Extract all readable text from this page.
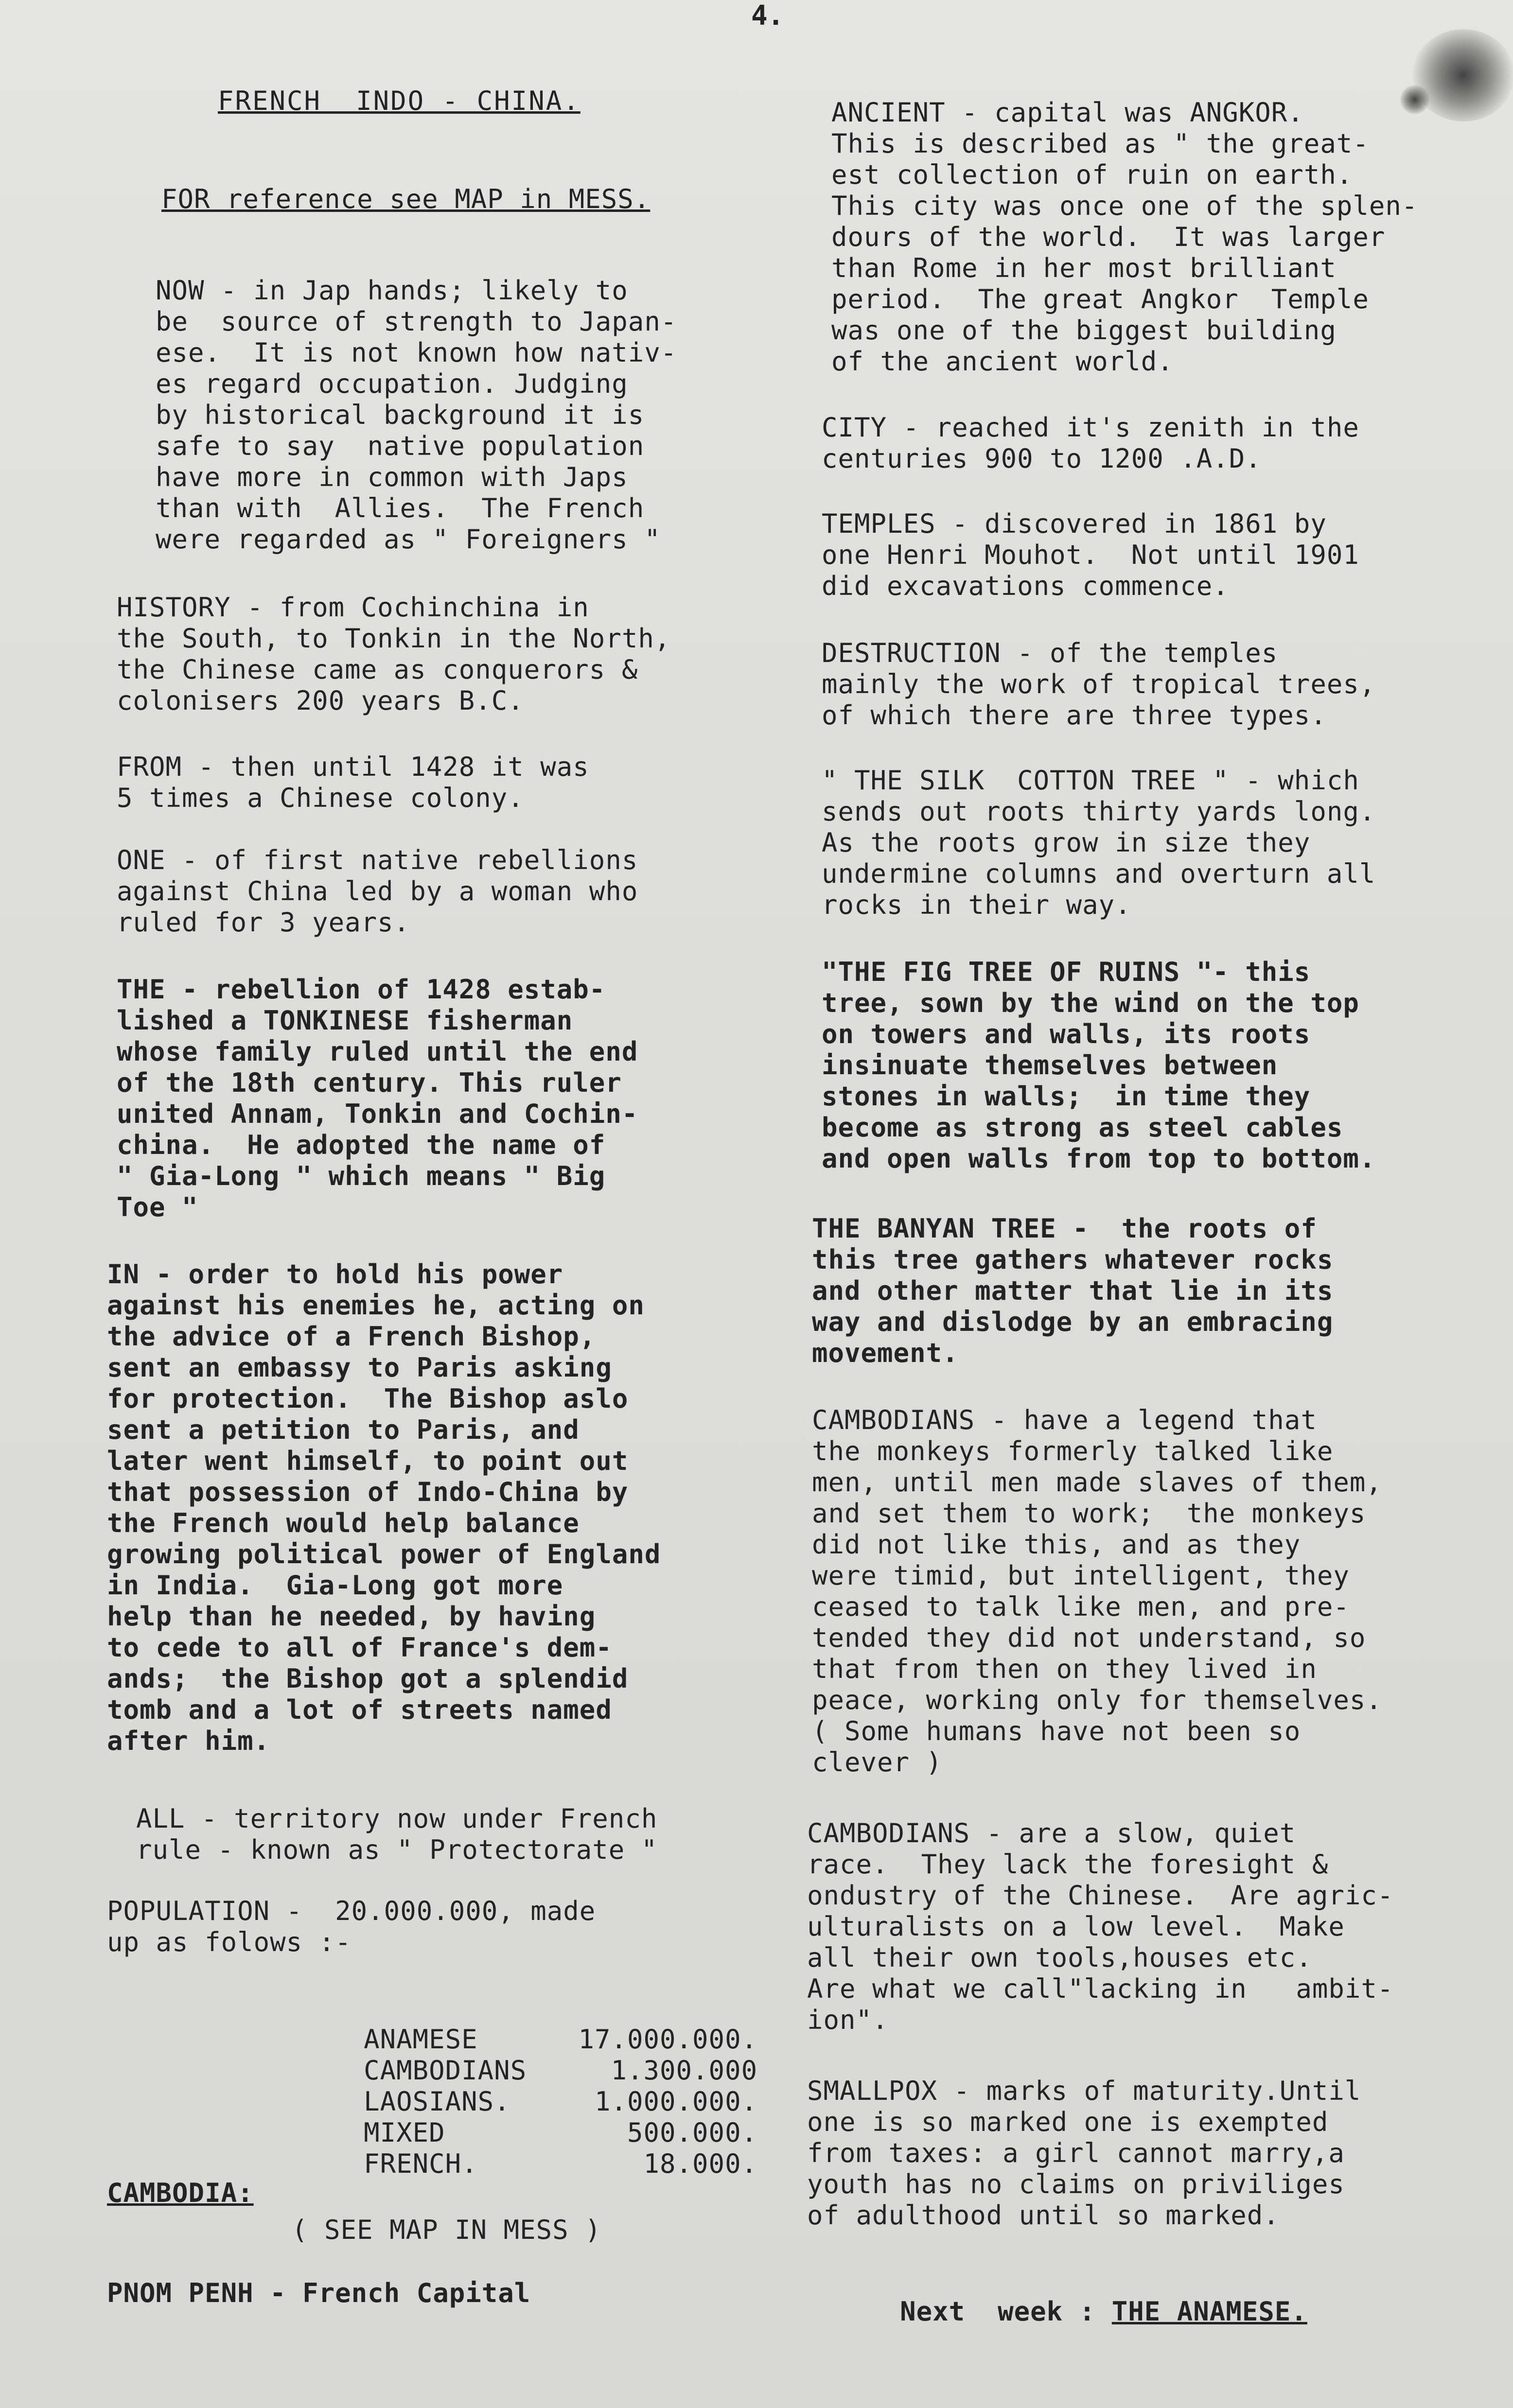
4.
FRENCH  INDO - CHINA.
FOR reference see MAP in MESS.

NOW - in Jap hands; likely to
be  source of strength to Japan-
ese.  It is not known how nativ-
es regard occupation. Judging
by historical background it is
safe to say  native population
have more in common with Japs
than with  Allies.  The French
were regarded as " Foreigners "

HISTORY - from Cochinchina in
the South, to Tonkin in the North,
the Chinese came as conquerors &
colonisers 200 years B.C.

FROM - then until 1428 it was
5 times a Chinese colony.

ONE - of first native rebellions
against China led by a woman who
ruled for 3 years.

THE - rebellion of 1428 estab-
lished a TONKINESE fisherman
whose family ruled until the end
of the 18th century. This ruler
united Annam, Tonkin and Cochin-
china.  He adopted the name of
" Gia-Long " which means " Big
Toe "

IN - order to hold his power
against his enemies he, acting on
the advice of a French Bishop,
sent an embassy to Paris asking
for protection.  The Bishop aslo
sent a petition to Paris, and
later went himself, to point out
that possession of Indo-China by
the French would help balance
growing political power of England
in India.  Gia-Long got more
help than he needed, by having
to cede to all of France's dem-
ands;  the Bishop got a splendid
tomb and a lot of streets named
after him.

ALL - territory now under French
rule - known as " Protectorate "

POPULATION -  20.000.000, made
up as folows :-

ANAMESE	17.000.000.

CAMBODIANS	1.300.000

LAOSIANS.	1.000.000.

MIXED	500.000.

FRENCH.	18.000.

CAMBODIA:
( SEE MAP IN MESS )
PNOM PENH - French Capital

ANCIENT - capital was ANGKOR.
This is described as " the great-
est collection of ruin on earth.
This city was once one of the splen-
dours of the world.  It was larger
than Rome in her most brilliant
period.  The great Angkor  Temple
was one of the biggest building
of the ancient world.

CITY - reached it's zenith in the
centuries 900 to 1200 .A.D.

TEMPLES - discovered in 1861 by
one Henri Mouhot.  Not until 1901
did excavations commence.

DESTRUCTION - of the temples
mainly the work of tropical trees,
of which there are three types.

" THE SILK  COTTON TREE " - which
sends out roots thirty yards long.
As the roots grow in size they
undermine columns and overturn all
rocks in their way.

"THE FIG TREE OF RUINS "- this
tree, sown by the wind on the top
on towers and walls, its roots
insinuate themselves between
stones in walls;  in time they
become as strong as steel cables
and open walls from top to bottom.

THE BANYAN TREE -  the roots of
this tree gathers whatever rocks
and other matter that lie in its
way and dislodge by an embracing
movement.

CAMBODIANS - have a legend that
the monkeys formerly talked like
men, until men made slaves of them,
and set them to work;  the monkeys
did not like this, and as they
were timid, but intelligent, they
ceased to talk like men, and pre-
tended they did not understand, so
that from then on they lived in
peace, working only for themselves.
( Some humans have not been so
clever )

CAMBODIANS - are a slow, quiet
race.  They lack the foresight &
ondustry of the Chinese.  Are agric-
ulturalists on a low level.  Make
all their own tools,houses etc.
Are what we call"lacking in   ambit-
ion".

SMALLPOX - marks of maturity.Until
one is so marked one is exempted
from taxes: a girl cannot marry,a
youth has no claims on priviliges
of adulthood until so marked.

Next  week : THE ANAMESE.
